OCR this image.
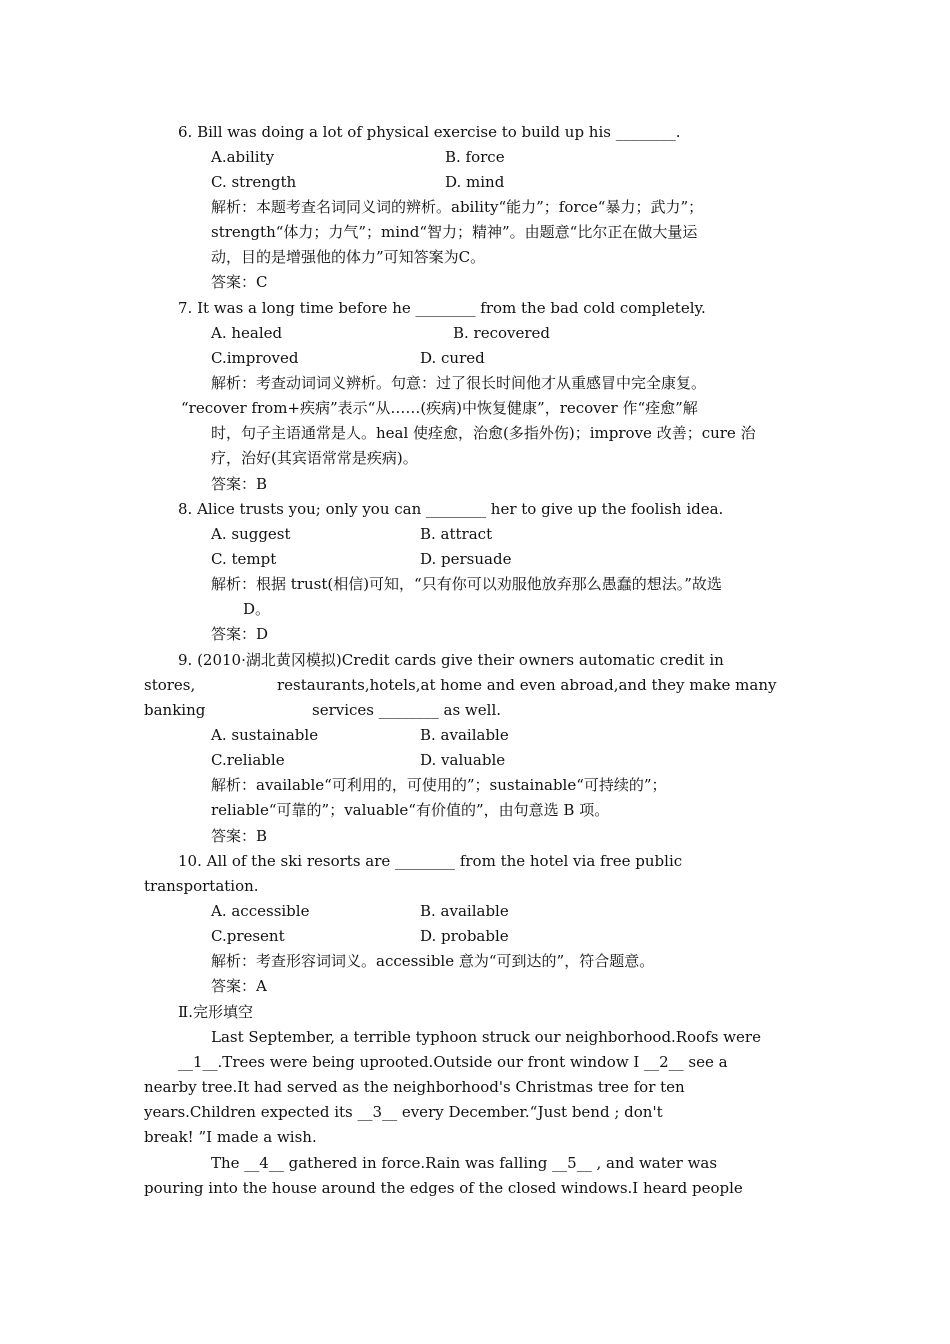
6. Bill was doing a lot of physical exercise to build up his ________.
A.ability	B. force
C. strength	D. mind
解析：本题考查名词同义词的辨析。ability“能力”；force“暴力；武力”；
strength“体力；力气”；mind“智力；精神”。由题意“比尔正在做大量运
动，目的是增强他的体力”可知答案为C。
答案：C
7. It was a long time before he ________ from the bad cold completely.
A. healed	B. recovered
C.improved	D. cured
解析：考查动词词义辨析。句意：过了很长时间他才从重感冒中完全康复。
“recover from+疾病”表示“从……(疾病)中恢复健康”，recover 作“痊愈”解
时，句子主语通常是人。heal 使痊愈，治愈(多指外伤)；improve 改善；cure 治
疗，治好(其宾语常常是疾病)。
答案：B
8. Alice trusts you; only you can ________ her to give up the foolish idea.
A. suggest	B. attract
C. tempt	D. persuade
解析：根据 trust(相信)可知，“只有你可以劝服他放弃那么愚蠢的想法。”故选
D。
答案：D
9. (2010·湖北黄冈模拟)Credit cards give their owners automatic credit in
stores,	restaurants,hotels,at home and even abroad,and they make many
banking	services ________ as well.
A. sustainable	B. available
C.reliable	D. valuable
解析：available“可利用的，可使用的”；sustainable“可持续的”；
reliable“可靠的”；valuable“有价值的”，由句意选 B 项。
答案：B
10. All of the ski resorts are ________ from the hotel via free public
transportation.
A. accessible	B. available
C.present	D. probable
解析：考查形容词词义。accessible 意为“可到达的”，符合题意。
答案：A
Ⅱ.完形填空
Last September, a terrible typhoon struck our neighborhood.Roofs were
__1__.Trees were being uprooted.Outside our front window I __2__ see a
nearby tree.It had served as the neighborhood's Christmas tree for ten
years.Children expected its __3__ every December.“Just bend ; don't
break! ”I made a wish.
The __4__ gathered in force.Rain was falling __5__ , and water was
pouring into the house around the edges of the closed windows.I heard people
